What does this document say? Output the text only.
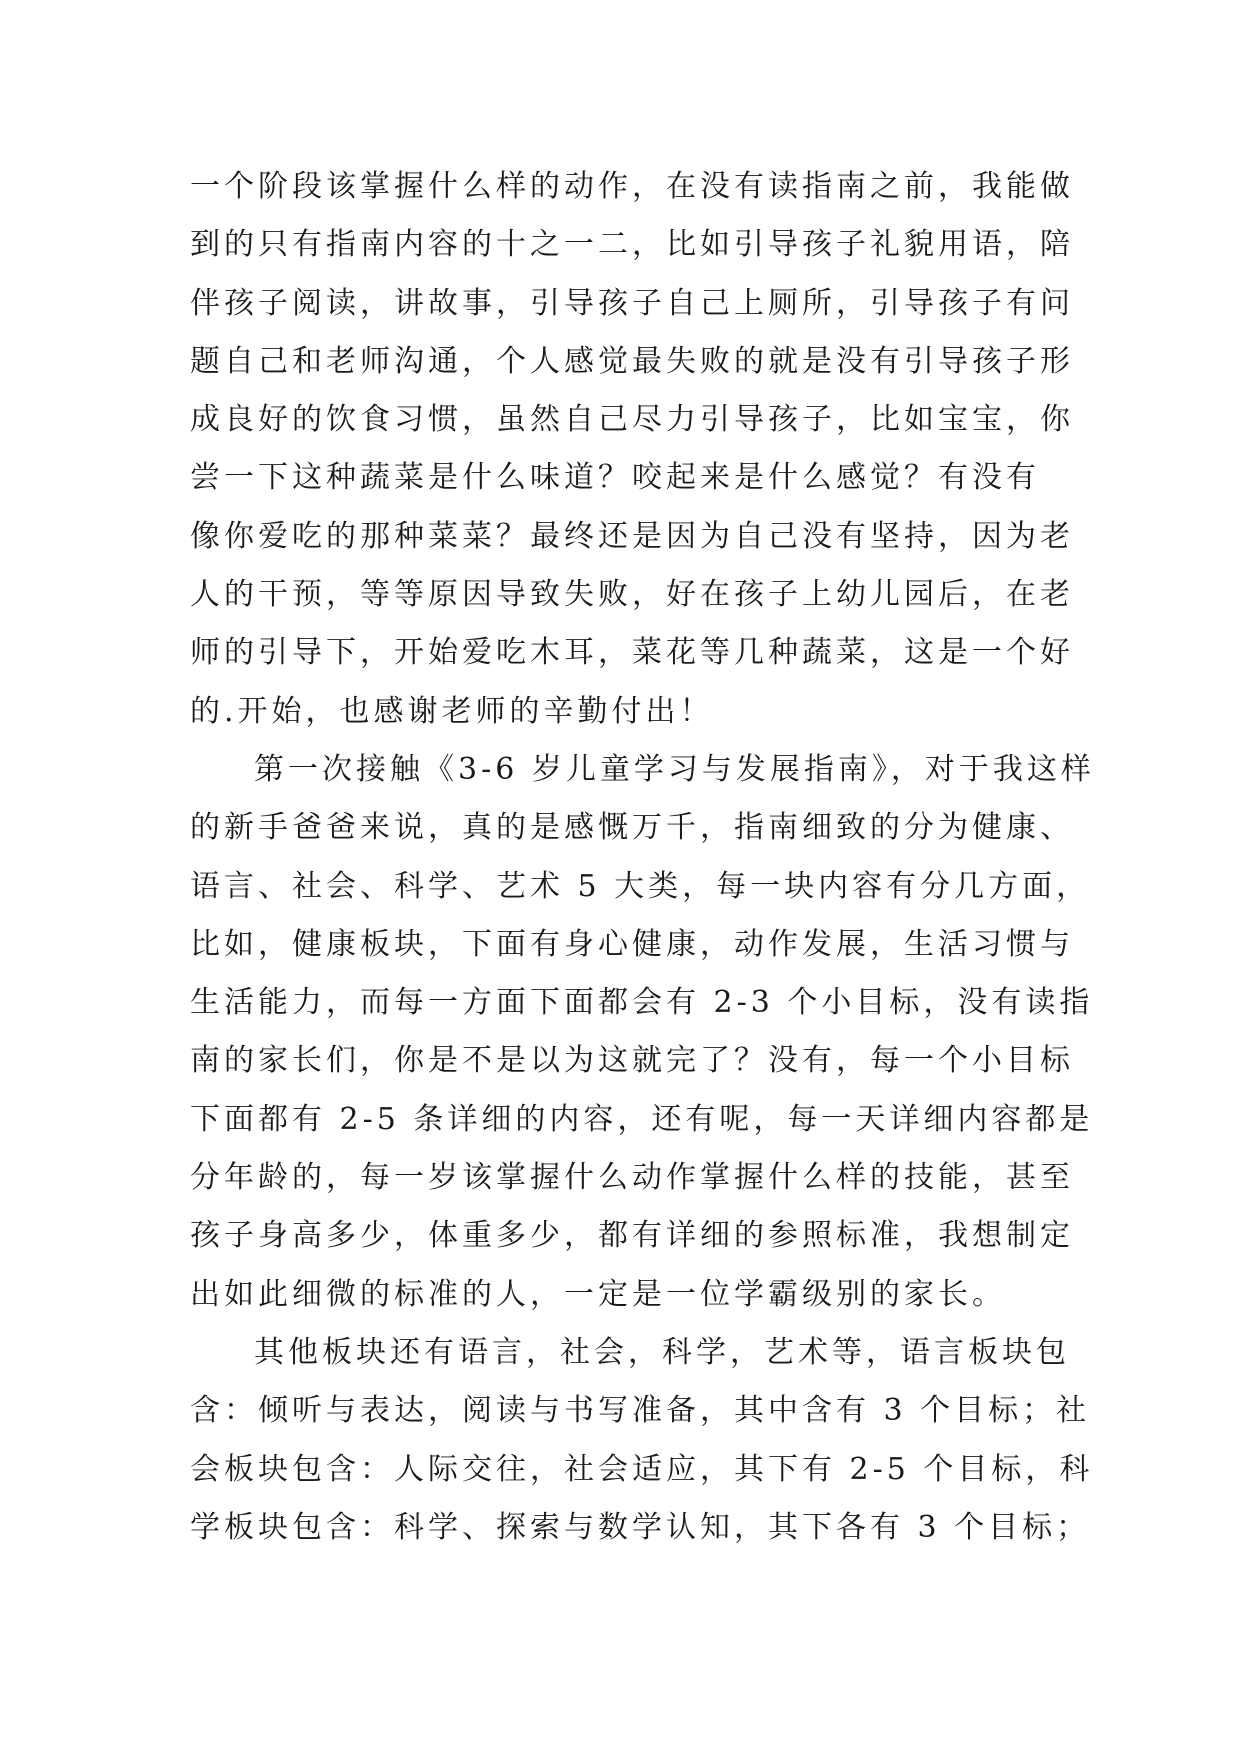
一个阶段该掌握什么样的动作，在没有读指南之前，我能做

到的只有指南内容的十之一二，比如引导孩子礼貌用语，陪

伴孩子阅读，讲故事，引导孩子自己上厕所，引导孩子有问

题自己和老师沟通，个人感觉最失败的就是没有引导孩子形

成良好的饮食习惯，虽然自己尽力引导孩子，比如宝宝，你

尝一下这种蔬菜是什么味道？咬起来是什么感觉？有没有

像你爱吃的那种菜菜？最终还是因为自己没有坚持，因为老

人的干预，等等原因导致失败，好在孩子上幼儿园后，在老

师的引导下，开始爱吃木耳，菜花等几种蔬菜，这是一个好

的.开始，也感谢老师的辛勤付出！

第一次接触《3-6 岁儿童学习与发展指南》，对于我这样

的新手爸爸来说，真的是感慨万千，指南细致的分为健康、

语言、社会、科学、艺术 5 大类，每一块内容有分几方面，

比如，健康板块，下面有身心健康，动作发展，生活习惯与

生活能力，而每一方面下面都会有 2-3 个小目标，没有读指

南的家长们，你是不是以为这就完了？没有，每一个小目标

下面都有 2-5 条详细的内容，还有呢，每一天详细内容都是

分年龄的，每一岁该掌握什么动作掌握什么样的技能，甚至

孩子身高多少，体重多少，都有详细的参照标准，我想制定

出如此细微的标准的人，一定是一位学霸级别的家长。

其他板块还有语言，社会，科学，艺术等，语言板块包

含：倾听与表达，阅读与书写准备，其中含有 3 个目标；社

会板块包含：人际交往，社会适应，其下有 2-5 个目标，科

学板块包含：科学、探索与数学认知，其下各有 3 个目标；
